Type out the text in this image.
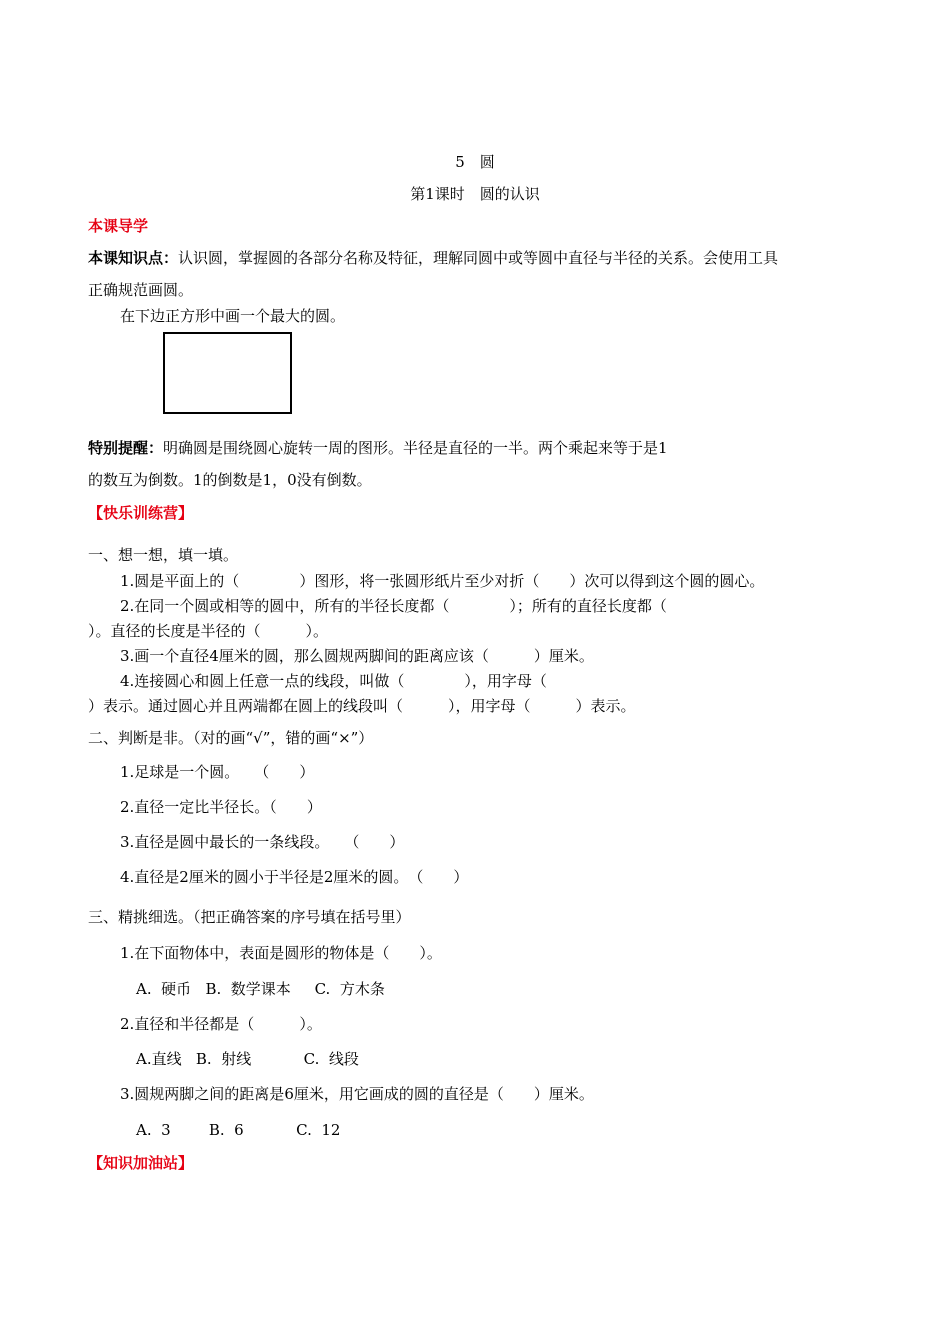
5　圆
第1课时　圆的认识
本课导学
本课知识点：认识圆，掌握圆的各部分名称及特征，理解同圆中或等圆中直径与半径的关系。会使用工具
正确规范画圆。
在下边正方形中画一个最大的圆。
特别提醒：明确圆是围绕圆心旋转一周的图形。半径是直径的一半。两个乘起来等于是1
的数互为倒数。1的倒数是1，0没有倒数。
【快乐训练营】
一、想一想，填一填。
1.圆是平面上的（　　　　）图形，将一张圆形纸片至少对折（　　）次可以得到这个圆的圆心。
2.在同一个圆或相等的圆中，所有的半径长度都（　　　　）；所有的直径长度都（
）。直径的长度是半径的（　　　）。
3.画一个直径4厘米的圆，那么圆规两脚间的距离应该（　　　）厘米。
4.连接圆心和圆上任意一点的线段，叫做（　　　　），用字母（
）表示。通过圆心并且两端都在圆上的线段叫（　　　），用字母（　　　）表示。
二、判断是非。（对的画“√”，错的画“×”）
1.足球是一个圆。　　（　　）
2.直径一定比半径长。（　　）
3.直径是圆中最长的一条线段。　　（　　）
4.直径是2厘米的圆小于半径是2厘米的圆。　（　　）
三、精挑细选。（把正确答案的序号填在括号里）
1.在下面物体中，表面是圆形的物体是（　　）。
A.  硬币   B.  数学课本     C.  方木条
2.直径和半径都是（　　　）。
A.直线   B.  射线           C.  线段
3.圆规两脚之间的距离是6厘米，用它画成的圆的直径是（　　）厘米。
A.  3        B.  6           C.  12
【知识加油站】
